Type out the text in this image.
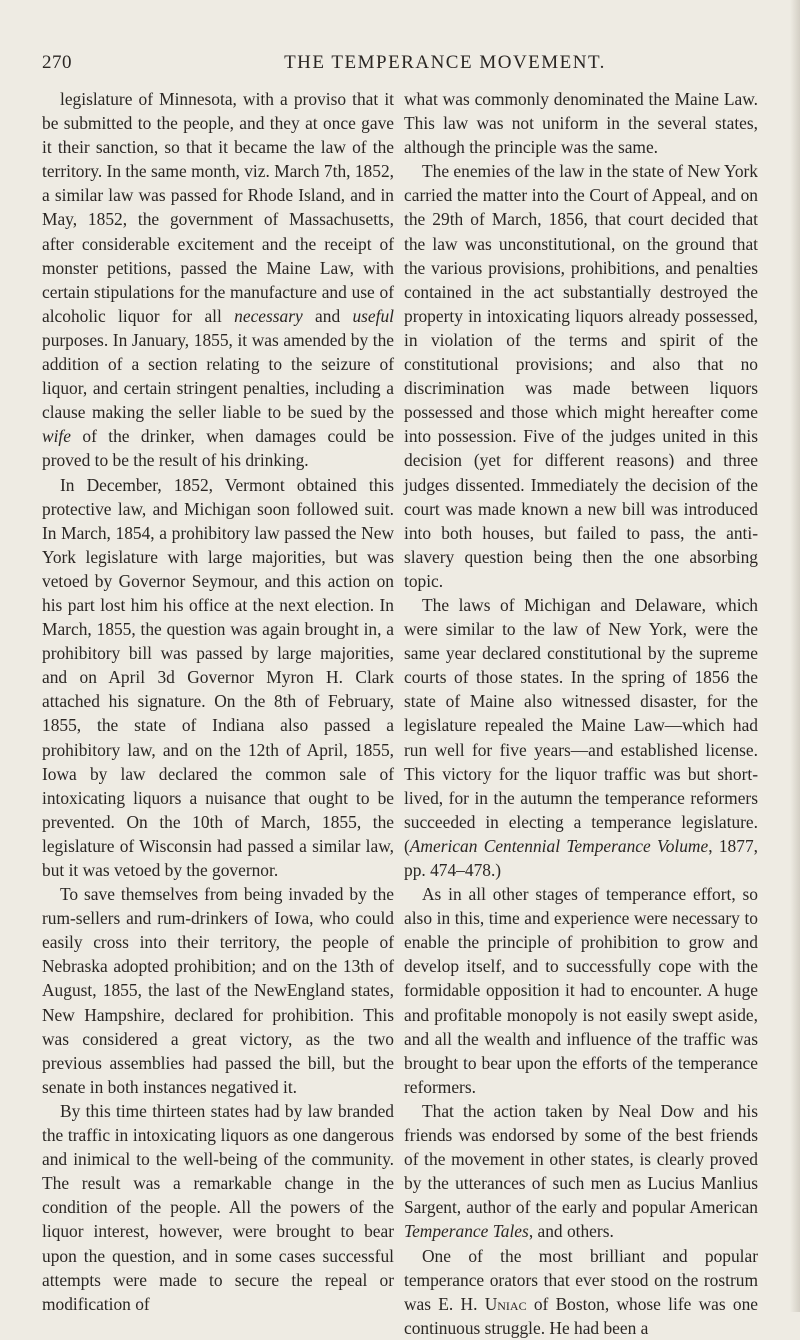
270	THE TEMPERANCE MOVEMENT.

legislature of Minnesota, with a proviso that it be submitted to the people, and they at once gave it their sanction, so that it became the law of the territory. In the same month, viz. March 7th, 1852, a similar law was passed for Rhode Island, and in May, 1852, the government of Massachusetts, after considerable excitement and the receipt of monster petitions, passed the Maine Law, with certain stipulations for the manufacture and use of alcoholic liquor for all necessary and useful purposes. In January, 1855, it was amended by the addition of a section relating to the seizure of liquor, and certain stringent penalties, including a clause making the seller liable to be sued by the wife of the drinker, when damages could be proved to be the result of his drinking.

In December, 1852, Vermont obtained this protective law, and Michigan soon followed suit. In March, 1854, a prohibitory law passed the New York legislature with large majorities, but was vetoed by Governor Seymour, and this action on his part lost him his office at the next election. In March, 1855, the question was again brought in, a prohibitory bill was passed by large majorities, and on April 3d Governor Myron H. Clark attached his signature. On the 8th of February, 1855, the state of Indiana also passed a prohibitory law, and on the 12th of April, 1855, Iowa by law declared the common sale of intoxicating liquors a nuisance that ought to be prevented. On the 10th of March, 1855, the legislature of Wisconsin had passed a similar law, but it was vetoed by the governor.

To save themselves from being invaded by the rum-sellers and rum-drinkers of Iowa, who could easily cross into their territory, the people of Nebraska adopted prohibition; and on the 13th of August, 1855, the last of the NewEngland states, New Hampshire, declared for prohibition. This was considered a great victory, as the two previous assemblies had passed the bill, but the senate in both instances negatived it.

By this time thirteen states had by law branded the traffic in intoxicating liquors as one dangerous and inimical to the well-being of the community. The result was a remarkable change in the condition of the people. All the powers of the liquor interest, however, were brought to bear upon the question, and in some cases successful attempts were made to secure the repeal or modification of

what was commonly denominated the Maine Law. This law was not uniform in the several states, although the principle was the same.

The enemies of the law in the state of New York carried the matter into the Court of Appeal, and on the 29th of March, 1856, that court decided that the law was unconstitutional, on the ground that the various provisions, prohibitions, and penalties contained in the act substantially destroyed the property in intoxicating liquors already possessed, in violation of the terms and spirit of the constitutional provisions; and also that no discrimination was made between liquors possessed and those which might hereafter come into possession. Five of the judges united in this decision (yet for different reasons) and three judges dissented. Immediately the decision of the court was made known a new bill was introduced into both houses, but failed to pass, the anti-slavery question being then the one absorbing topic.

The laws of Michigan and Delaware, which were similar to the law of New York, were the same year declared constitutional by the supreme courts of those states. In the spring of 1856 the state of Maine also witnessed disaster, for the legislature repealed the Maine Law—which had run well for five years—and established license. This victory for the liquor traffic was but short-lived, for in the autumn the temperance reformers succeeded in electing a temperance legislature. (American Centennial Temperance Volume, 1877, pp. 474–478.)

As in all other stages of temperance effort, so also in this, time and experience were necessary to enable the principle of prohibition to grow and develop itself, and to successfully cope with the formidable opposition it had to encounter. A huge and profitable monopoly is not easily swept aside, and all the wealth and influence of the traffic was brought to bear upon the efforts of the temperance reformers.

That the action taken by Neal Dow and his friends was endorsed by some of the best friends of the movement in other states, is clearly proved by the utterances of such men as Lucius Manlius Sargent, author of the early and popular American Temperance Tales, and others.

One of the most brilliant and popular temperance orators that ever stood on the rostrum was E. H. Uniac of Boston, whose life was one continuous struggle. He had been a
